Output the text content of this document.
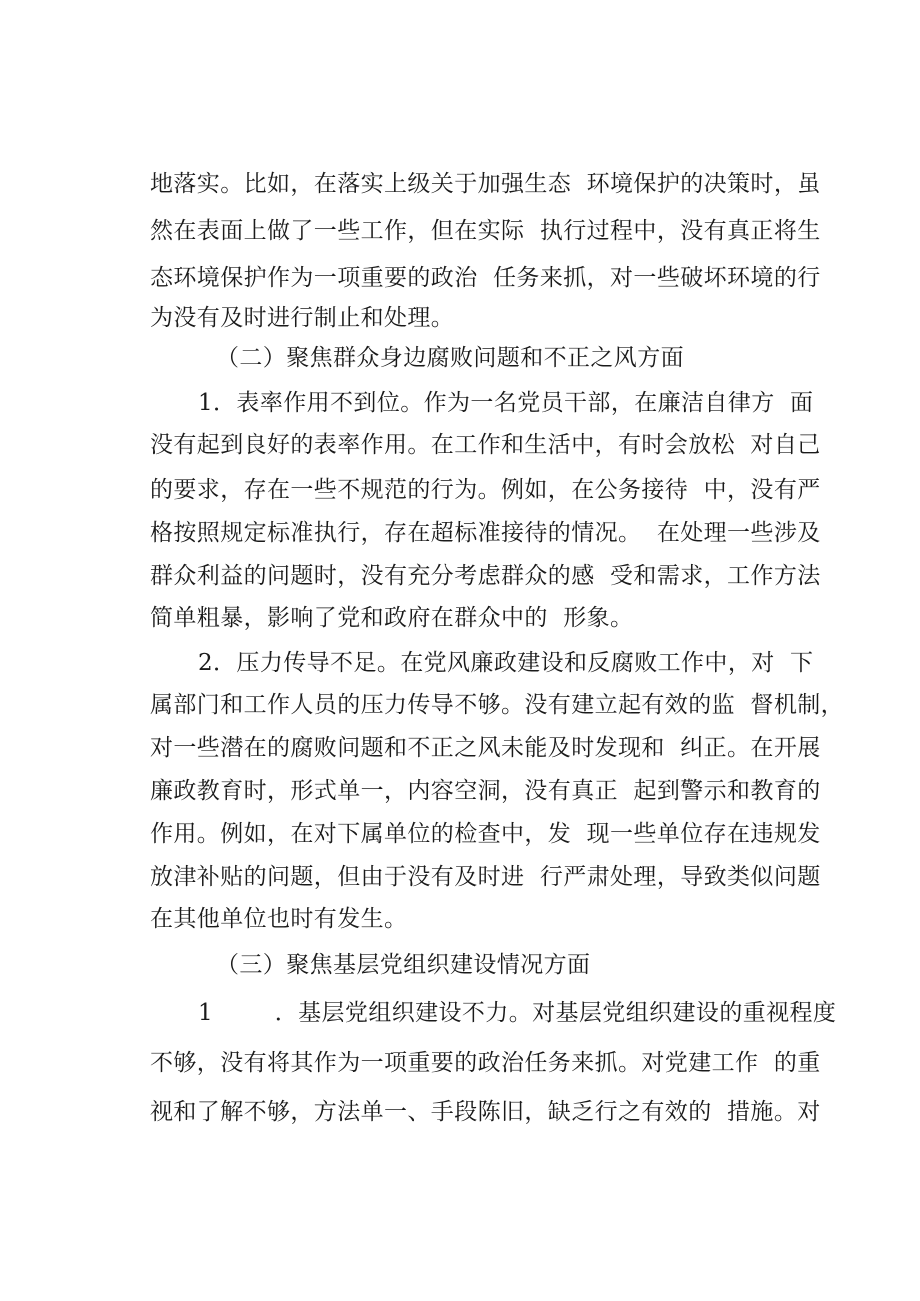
地落实。比如，在落实上级关于加强生态  环境保护的决策时，虽
然在表面上做了一些工作，但在实际  执行过程中，没有真正将生
态环境保护作为一项重要的政治  任务来抓，对一些破坏环境的行
为没有及时进行制止和处理。
（二）聚焦群众身边腐败问题和不正之风方面
1．表率作用不到位。作为一名党员干部，在廉洁自律方  面
没有起到良好的表率作用。在工作和生活中，有时会放松  对自己
的要求，存在一些不规范的行为。例如，在公务接待  中，没有严
格按照规定标准执行，存在超标准接待的情况。  在处理一些涉及
群众利益的问题时，没有充分考虑群众的感  受和需求，工作方法
简单粗暴，影响了党和政府在群众中的  形象。
2．压力传导不足。在党风廉政建设和反腐败工作中，对  下
属部门和工作人员的压力传导不够。没有建立起有效的监  督机制，
对一些潜在的腐败问题和不正之风未能及时发现和  纠正。在开展
廉政教育时，形式单一，内容空洞，没有真正  起到警示和教育的
作用。例如，在对下属单位的检查中，发  现一些单位存在违规发
放津补贴的问题，但由于没有及时进  行严肃处理，导致类似问题
在其他单位也时有发生。
（三）聚焦基层党组织建设情况方面
1        ．基层党组织建设不力。对基层党组织建设的重视程度
不够，没有将其作为一项重要的政治任务来抓。对党建工作  的重
视和了解不够，方法单一、手段陈旧，缺乏行之有效的  措施。对
